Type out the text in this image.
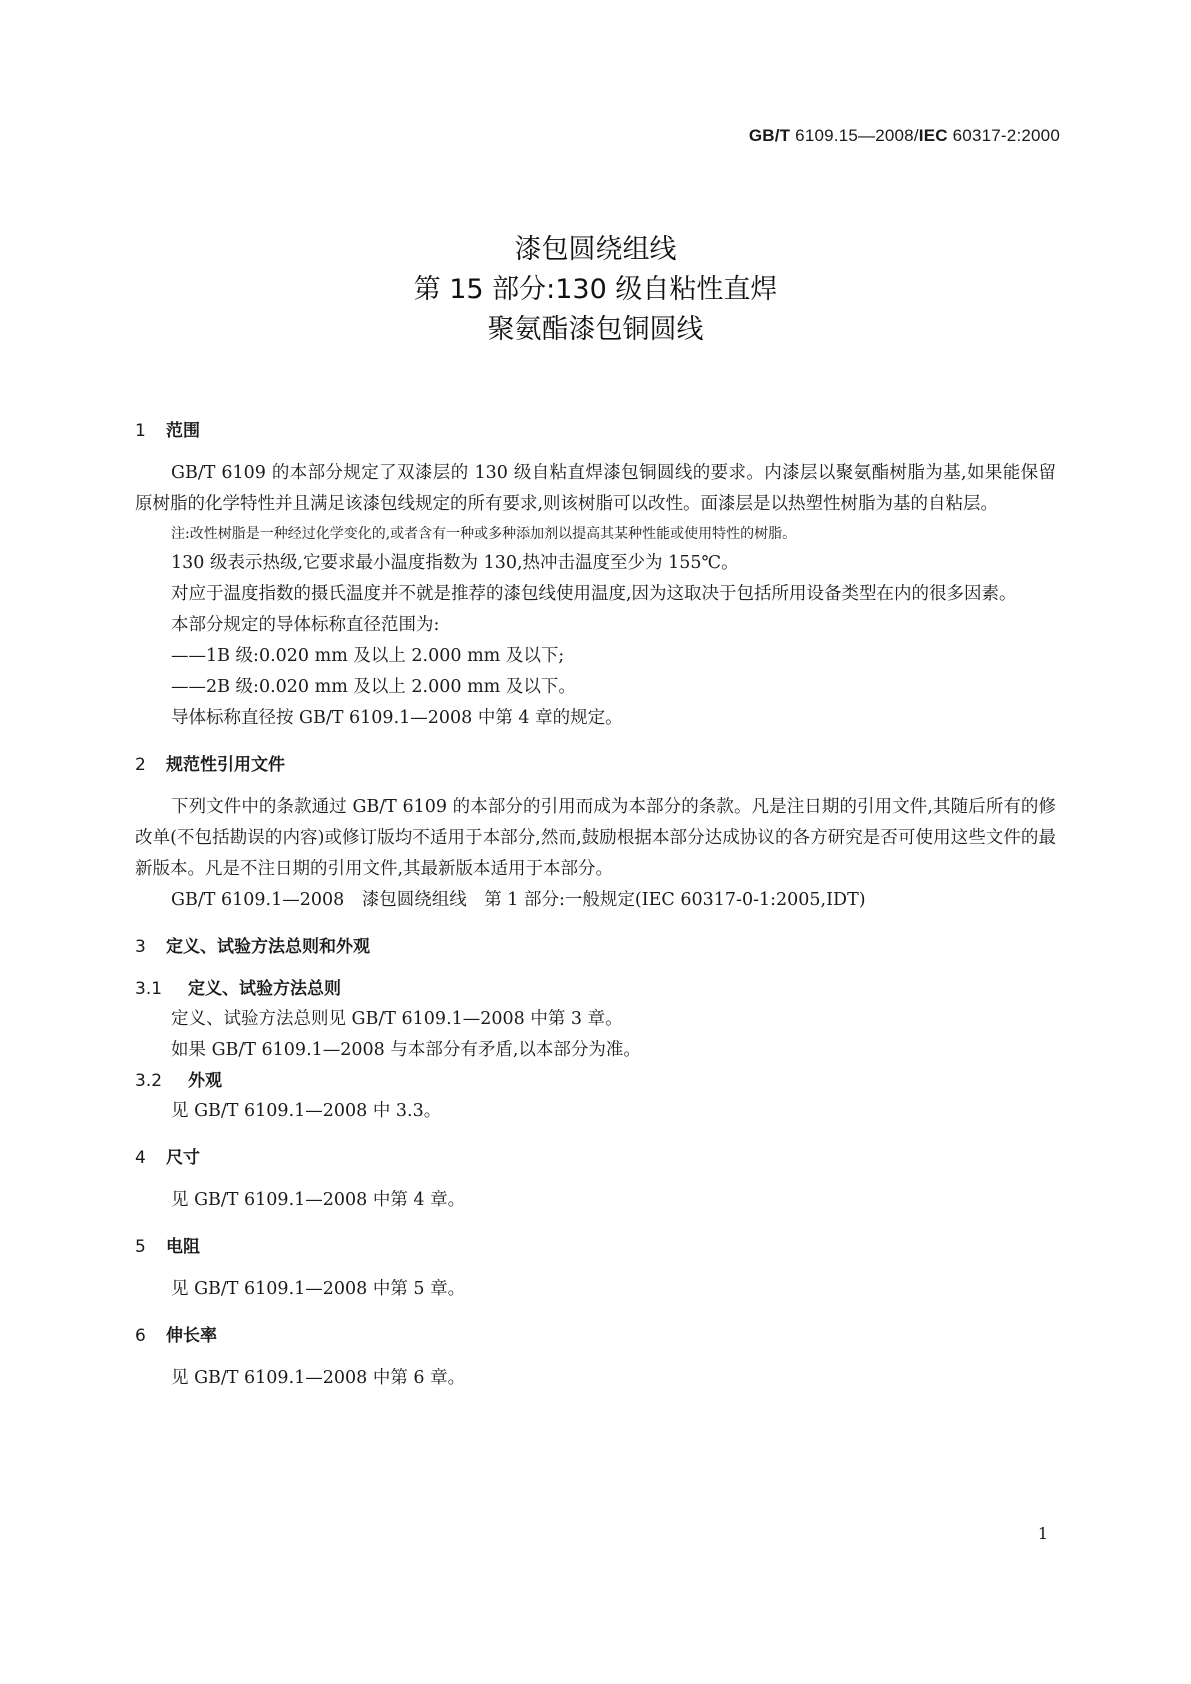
GB/T 6109.15—2008/IEC 60317-2:2000
漆包圆绕组线
第 15 部分:130 级自粘性直焊
聚氨酯漆包铜圆线
1 范围
GB/T 6109 的本部分规定了双漆层的 130 级自粘直焊漆包铜圆线的要求。内漆层以聚氨酯树脂为基,如果能保留原树脂的化学特性并且满足该漆包线规定的所有要求,则该树脂可以改性。面漆层是以热塑性树脂为基的自粘层。
注:改性树脂是一种经过化学变化的,或者含有一种或多种添加剂以提高其某种性能或使用特性的树脂。
130 级表示热级,它要求最小温度指数为 130,热冲击温度至少为 155℃。
对应于温度指数的摄氏温度并不就是推荐的漆包线使用温度,因为这取决于包括所用设备类型在内的很多因素。
本部分规定的导体标称直径范围为:
——1B 级:0.020 mm 及以上 2.000 mm 及以下;
——2B 级:0.020 mm 及以上 2.000 mm 及以下。
导体标称直径按 GB/T 6109.1—2008 中第 4 章的规定。
2 规范性引用文件
下列文件中的条款通过 GB/T 6109 的本部分的引用而成为本部分的条款。凡是注日期的引用文件,其随后所有的修改单(不包括勘误的内容)或修订版均不适用于本部分,然而,鼓励根据本部分达成协议的各方研究是否可使用这些文件的最新版本。凡是不注日期的引用文件,其最新版本适用于本部分。
GB/T 6109.1—2008　漆包圆绕组线　第 1 部分:一般规定(IEC 60317-0-1:2005,IDT)
3 定义、试验方法总则和外观
3.1 定义、试验方法总则
定义、试验方法总则见 GB/T 6109.1—2008 中第 3 章。
如果 GB/T 6109.1—2008 与本部分有矛盾,以本部分为准。
3.2 外观
见 GB/T 6109.1—2008 中 3.3。
4 尺寸
见 GB/T 6109.1—2008 中第 4 章。
5 电阻
见 GB/T 6109.1—2008 中第 5 章。
6 伸长率
见 GB/T 6109.1—2008 中第 6 章。
1
